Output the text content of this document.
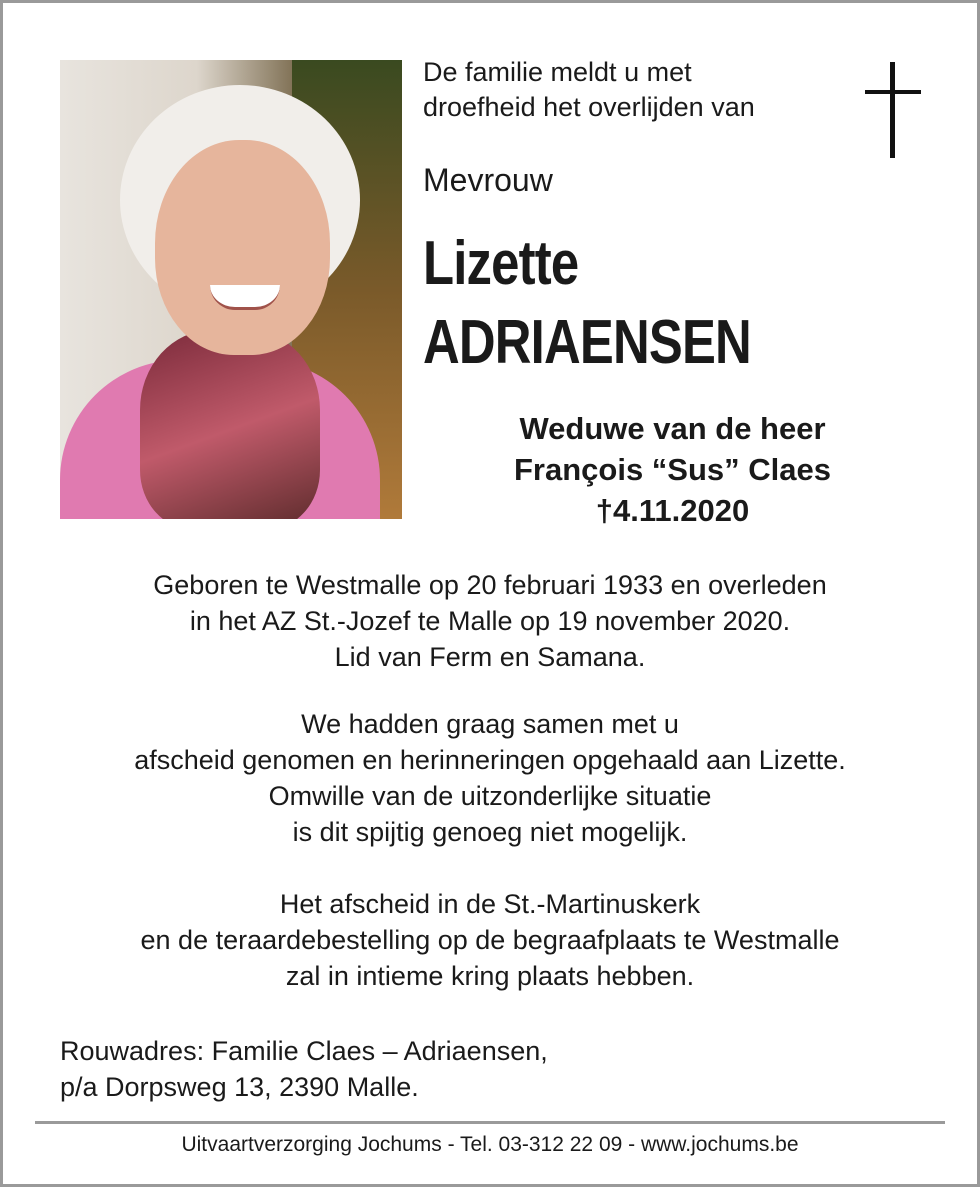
De familie meldt u met
droefheid het overlijden van
Mevrouw
Lizette
ADRIAENSEN
Weduwe van de heer
François “Sus” Claes
†4.11.2020
Geboren te Westmalle op 20 februari 1933 en overleden
in het AZ St.-Jozef te Malle op 19 november 2020.
Lid van Ferm en Samana.
We hadden graag samen met u
afscheid genomen en herinneringen opgehaald aan Lizette.
Omwille van de uitzonderlijke situatie
is dit spijtig genoeg niet mogelijk.
Het afscheid in de St.-Martinuskerk
en de teraardebestelling op de begraafplaats te Westmalle
zal in intieme kring plaats hebben.
Rouwadres: Familie Claes – Adriaensen,
p/a Dorpsweg 13, 2390 Malle.
Uitvaartverzorging Jochums - Tel. 03-312 22 09 - www.jochums.be
